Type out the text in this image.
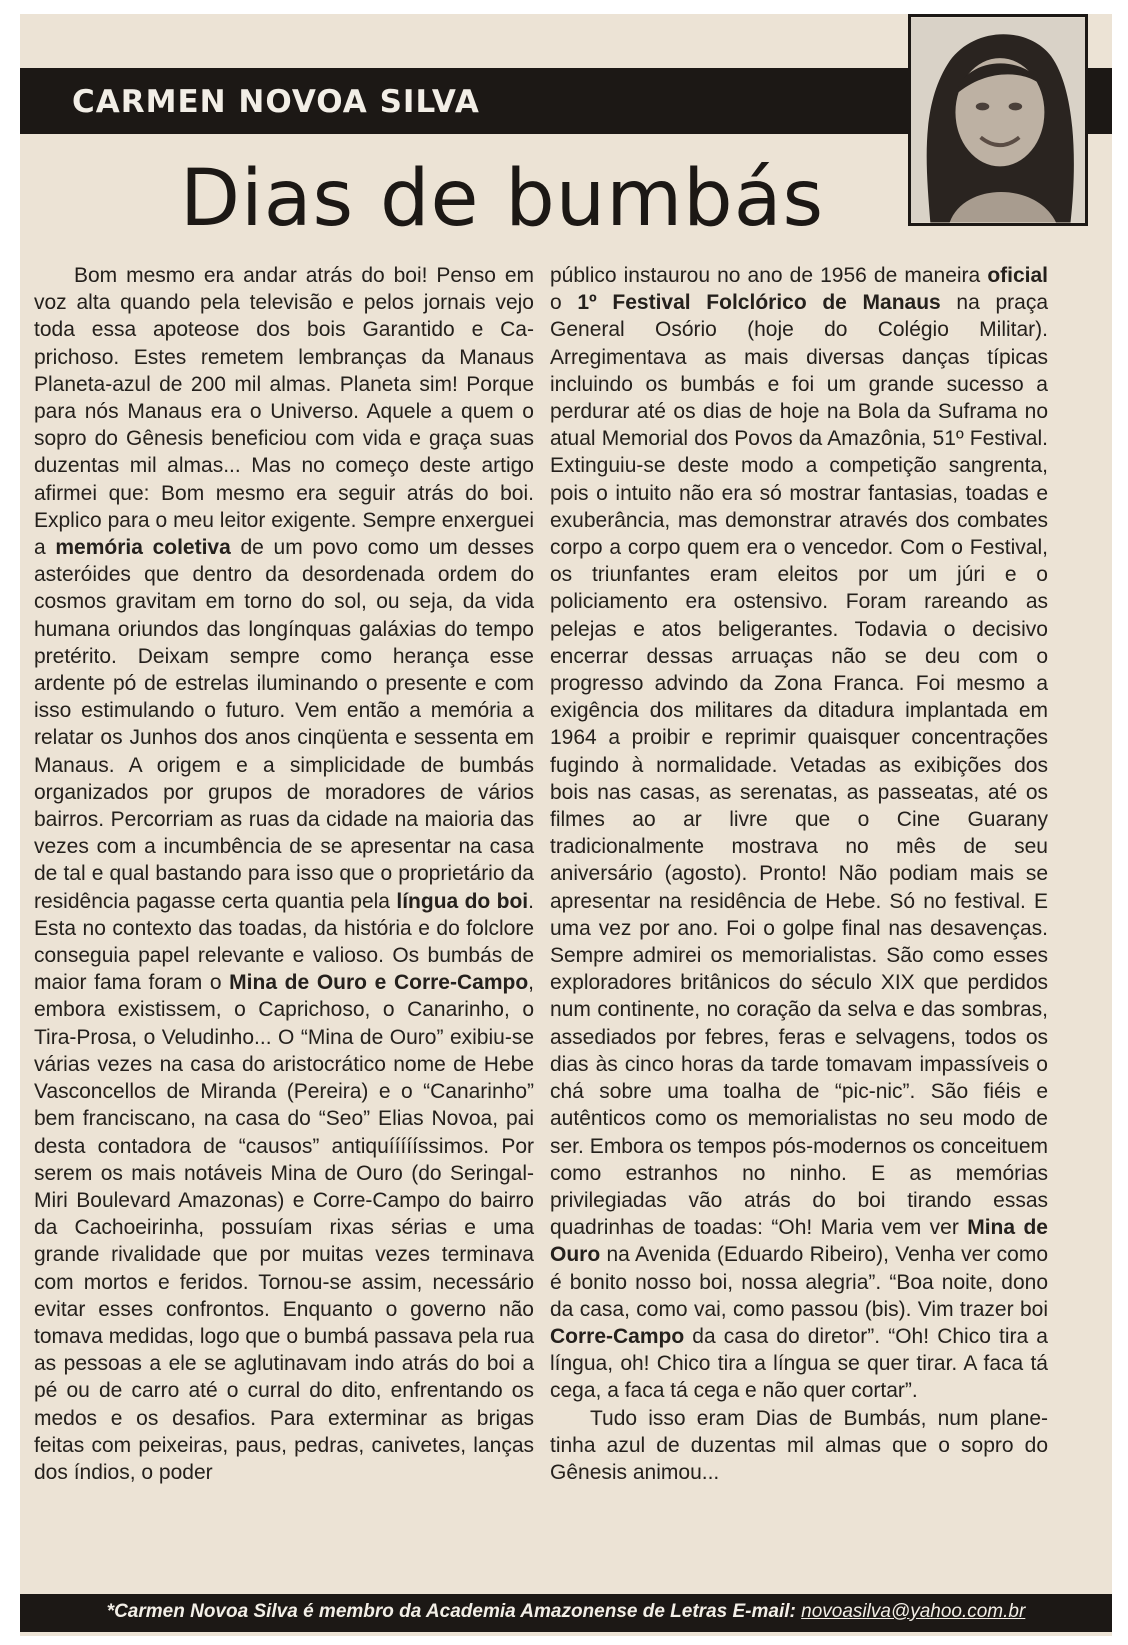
CARMEN NOVOA SILVA
Dias de bumbás

Bom mesmo era andar atrás do boi! Penso em voz alta quando pela televisão e pelos jornais vejo toda essa apoteose dos bois Garantido e Caprichoso. Estes remetem lembranças da Manaus Planeta-azul de 200 mil almas. Planeta sim! Porque para nós Manaus era o Universo. Aquele a quem o sopro do Gênesis beneficiou com vida e graça suas duzentas mil almas... Mas no começo deste artigo afirmei que: Bom mesmo era seguir atrás do boi. Explico para o meu leitor exigente. Sempre enxerguei a memória coletiva de um povo como um desses asteróides que dentro da desordenada ordem do cosmos gravitam em torno do sol, ou seja, da vida humana oriundos das longínquas galáxias do tempo pretérito. Deixam sempre como herança esse ardente pó de estrelas iluminando o presente e com isso estimulando o futuro. Vem então a memória a relatar os Junhos dos anos cinqüenta e sessenta em Manaus. A origem e a simplicidade de bumbás organizados por grupos de moradores de vários bairros. Percorriam as ruas da cidade na maioria das vezes com a incumbência de se apresentar na casa de tal e qual bastando para isso que o proprietário da residência pagasse certa quantia pela língua do boi. Esta no contexto das toadas, da história e do folclore conseguia papel relevante e valioso. Os bumbás de maior fama foram o Mina de Ouro e Corre-Campo, embora existissem, o Caprichoso, o Canarinho, o Tira-Prosa, o Veludinho... O “Mina de Ouro” exibiu-se várias vezes na casa do aristocrático nome de Hebe Vasconcellos de Miranda (Pereira) e o “Canarinho” bem franciscano, na casa do “Seo” Elias Novoa, pai desta contadora de “causos” antiquíííííssimos. Por serem os mais notáveis Mina de Ouro (do Seringal-Miri Boulevard Amazonas) e Corre-Campo do bairro da Cachoeirinha, possuíam rixas sérias e uma grande rivalidade que por muitas vezes terminava com mortos e feridos. Tornou-se assim, necessário evitar esses confrontos. Enquanto o governo não tomava medidas, logo que o bumbá passava pela rua as pessoas a ele se aglutinavam indo atrás do boi a pé ou de carro até o curral do dito, enfrentando os medos e os desafios. Para exterminar as brigas feitas com peixeiras, paus, pedras, canivetes, lanças dos índios, o poder

público instaurou no ano de 1956 de maneira oficial o 1º Festival Folclórico de Manaus na praça General Osório (hoje do Colégio Militar). Arregimentava as mais diversas danças típicas incluindo os bumbás e foi um grande sucesso a perdurar até os dias de hoje na Bola da Suframa no atual Memorial dos Povos da Amazônia, 51º Festival. Extinguiu-se deste modo a competição sangrenta, pois o intuito não era só mostrar fantasias, toadas e exuberância, mas demonstrar através dos combates corpo a corpo quem era o vencedor. Com o Festival, os triunfantes eram eleitos por um júri e o policiamento era ostensivo. Foram rareando as pelejas e atos beligerantes. Todavia o decisivo encerrar dessas arruaças não se deu com o progresso advindo da Zona Franca. Foi mesmo a exigência dos militares da ditadura implantada em 1964 a proibir e reprimir quaisquer concentrações fugindo à normalidade. Vetadas as exibições dos bois nas casas, as serenatas, as passeatas, até os filmes ao ar livre que o Cine Guarany tradicionalmente mostrava no mês de seu aniversário (agosto). Pronto! Não podiam mais se apresentar na residência de Hebe. Só no festival. E uma vez por ano. Foi o golpe final nas desavenças. Sempre admirei os memorialistas. São como esses exploradores britânicos do século XIX que perdidos num continente, no coração da selva e das sombras, assediados por febres, feras e selvagens, todos os dias às cinco horas da tarde tomavam impassíveis o chá sobre uma toalha de “pic-nic”. São fiéis e autênticos como os memorialistas no seu modo de ser. Embora os tempos pós-modernos os conceituem como estranhos no ninho. E as memórias privilegiadas vão atrás do boi tirando essas quadrinhas de toadas: “Oh! Maria vem ver Mina de Ouro na Avenida (Eduardo Ribeiro), Venha ver como é bonito nosso boi, nossa alegria”. “Boa noite, dono da casa, como vai, como passou (bis). Vim trazer boi Corre-Campo da casa do diretor”. “Oh! Chico tira a língua, oh! Chico tira a língua se quer tirar. A faca tá cega, a faca tá cega e não quer cortar”.

Tudo isso eram Dias de Bumbás, num planetinha azul de duzentas mil almas que o sopro do Gênesis animou...

*Carmen Novoa Silva é membro da Academia Amazonense de Letras E-mail: novoasilva@yahoo.com.br
